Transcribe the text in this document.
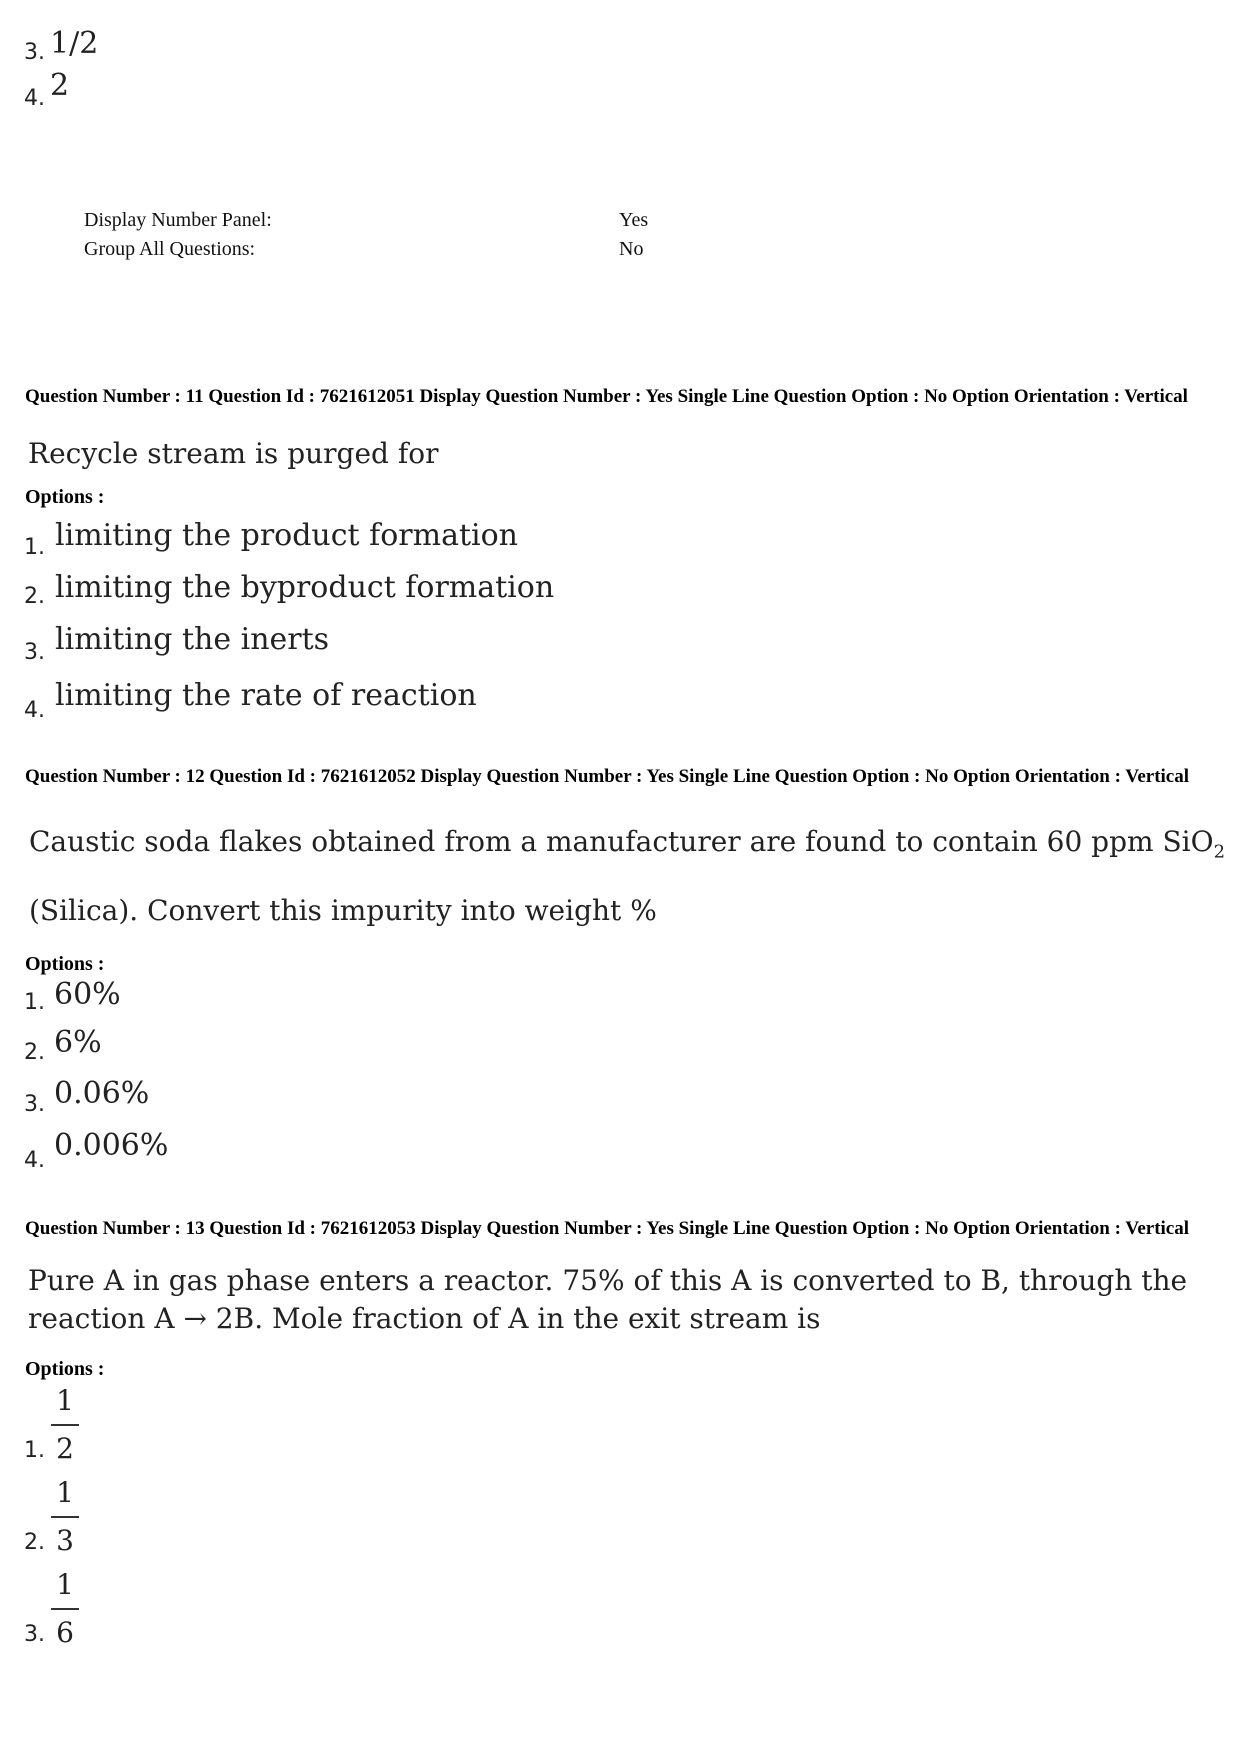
3. 1/2
4. 2
Display Number Panel:	Yes
Group All Questions:	No
Question Number : 11 Question Id : 7621612051 Display Question Number : Yes Single Line Question Option : No Option Orientation : Vertical
Recycle stream is purged for
Options :
1. limiting the product formation
2. limiting the byproduct formation
3. limiting the inerts
4. limiting the rate of reaction
Question Number : 12 Question Id : 7621612052 Display Question Number : Yes Single Line Question Option : No Option Orientation : Vertical
Caustic soda flakes obtained from a manufacturer are found to contain 60 ppm SiO$_2$
(Silica). Convert this impurity into weight %
Options :
1. 60%
2. 6%
3. 0.06%
4. 0.006%
Question Number : 13 Question Id : 7621612053 Display Question Number : Yes Single Line Question Option : No Option Orientation : Vertical
Pure A in gas phase enters a reactor. 75% of this A is converted to B, through the
reaction A → 2B. Mole fraction of A in the exit stream is
Options :
1.
1
2
2.
1
3
3.
1
6
